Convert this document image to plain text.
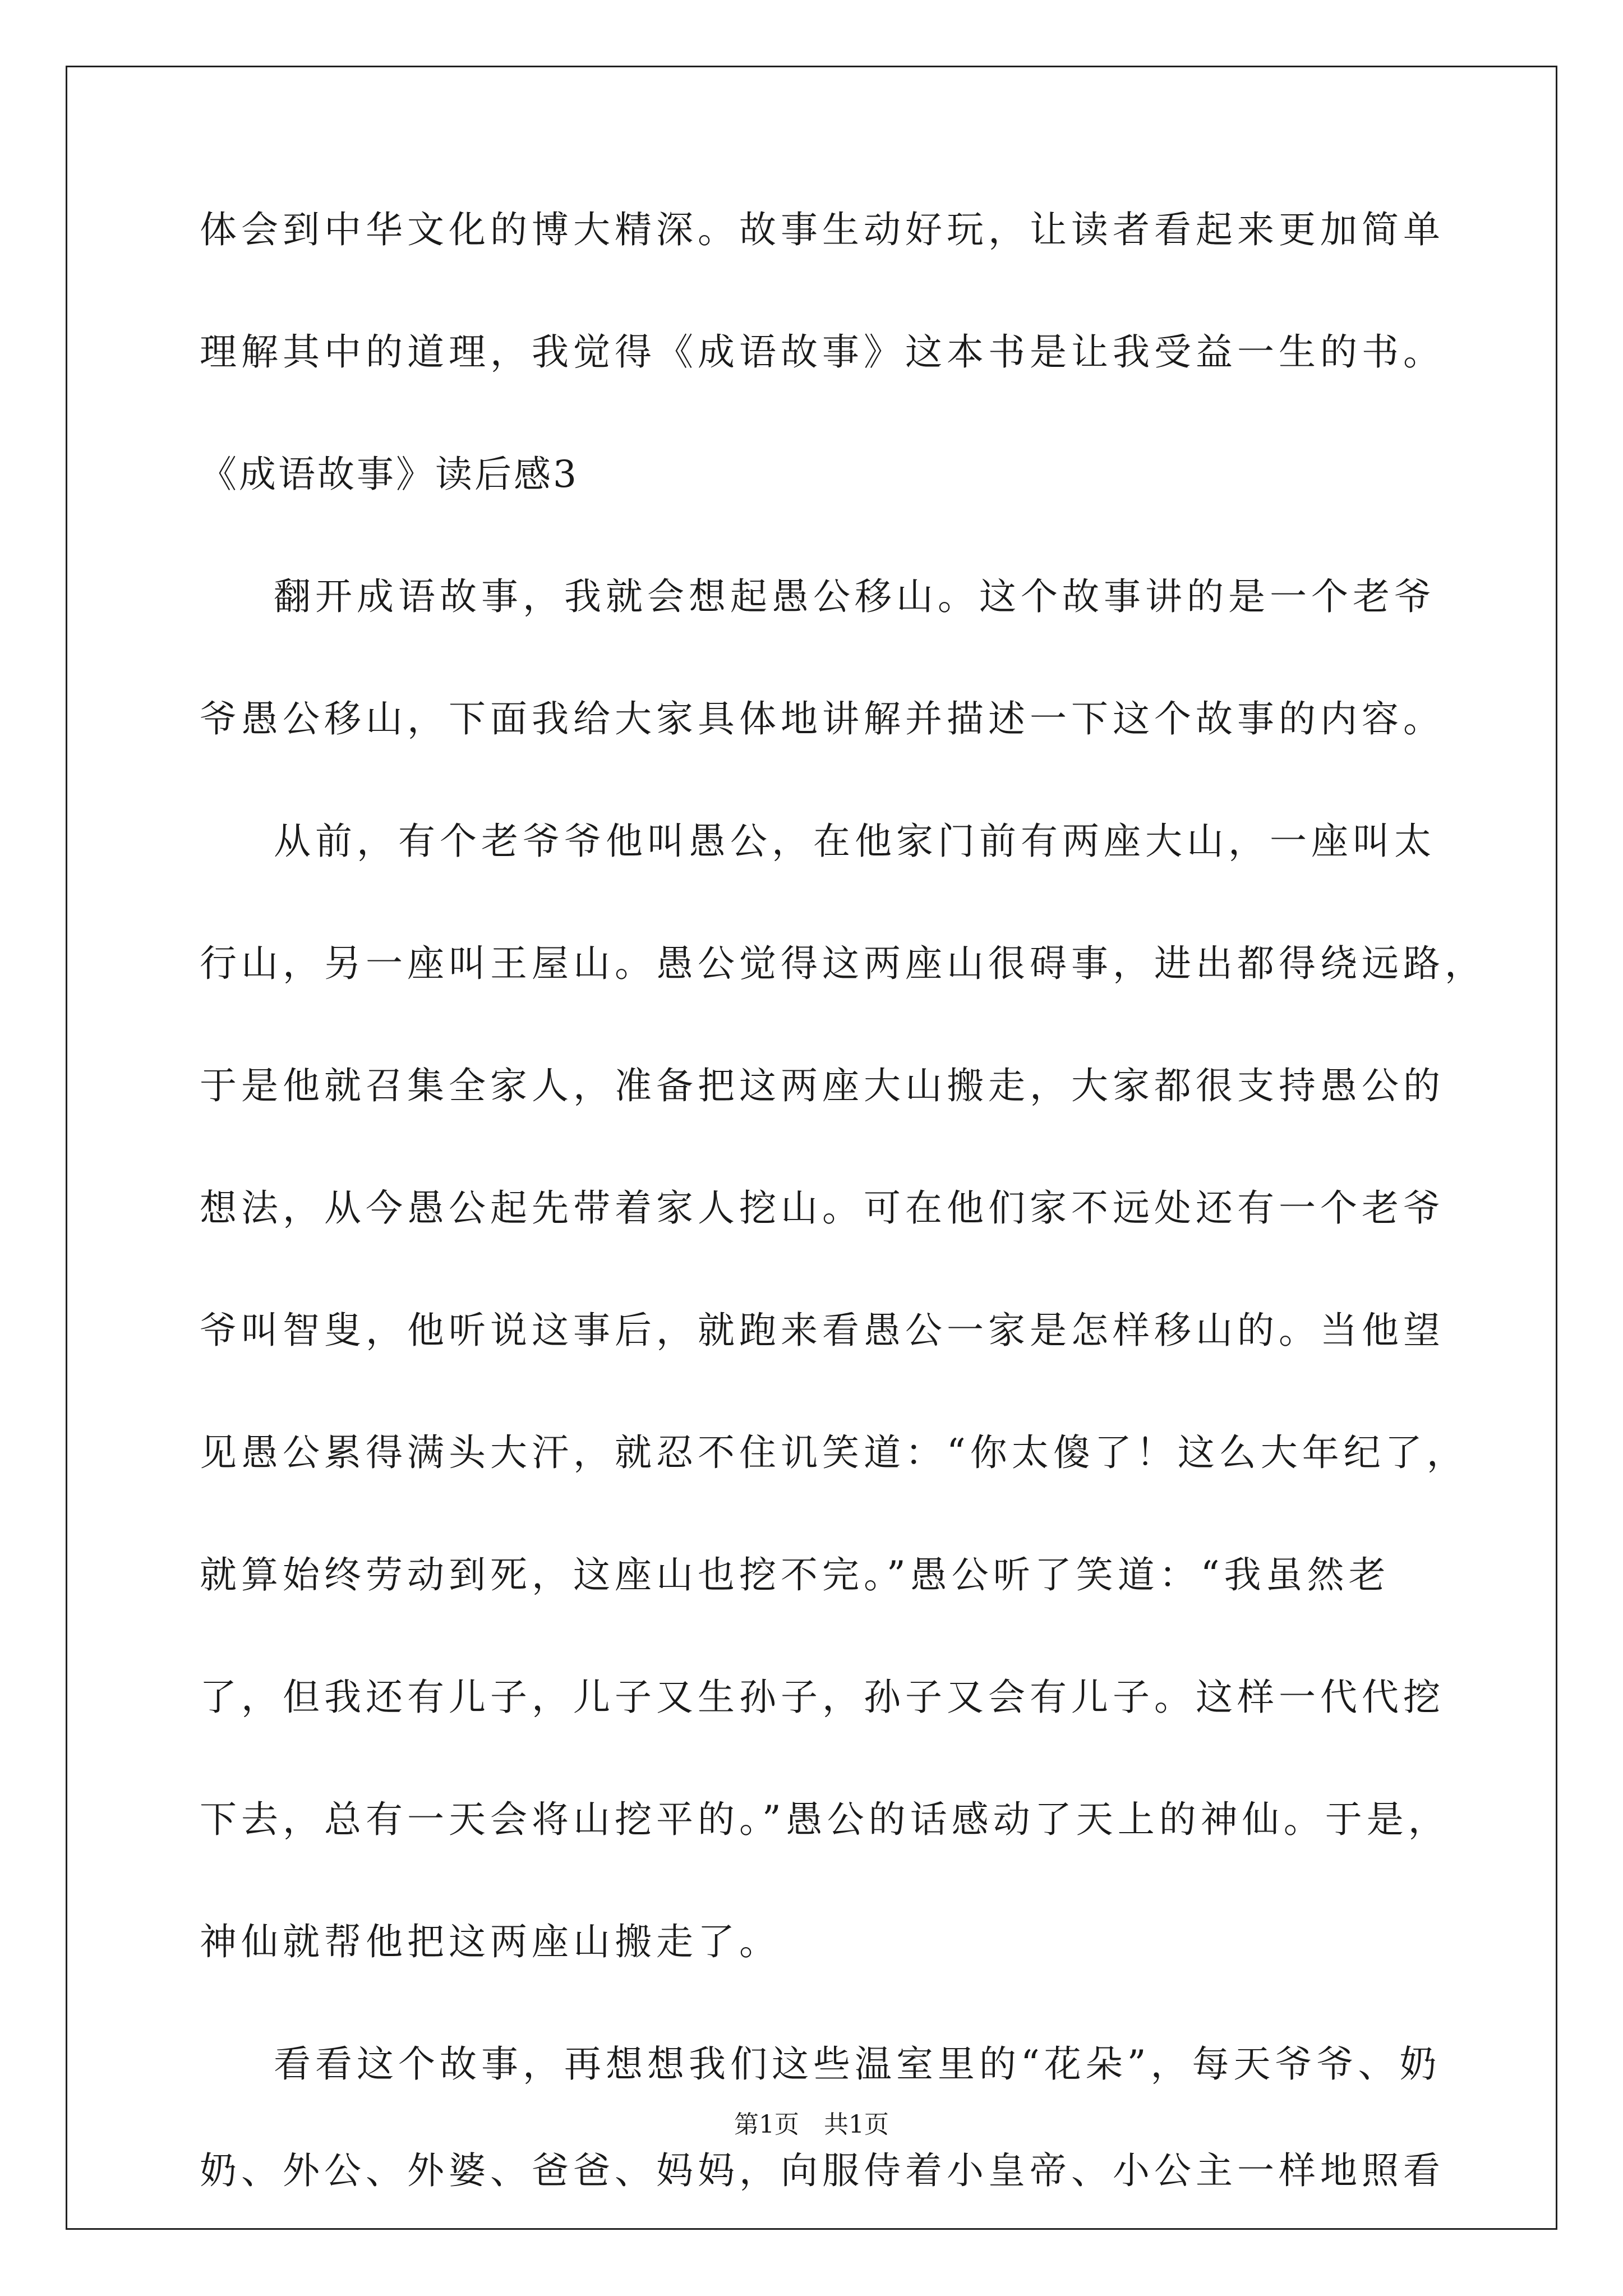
体会到中华文化的博大精深。故事生动好玩，让读者看起来更加简单
理解其中的道理，我觉得《成语故事》这本书是让我受益一生的书。
《成语故事》读后感3
翻开成语故事，我就会想起愚公移山。这个故事讲的是一个老爷
爷愚公移山，下面我给大家具体地讲解并描述一下这个故事的内容。
从前，有个老爷爷他叫愚公，在他家门前有两座大山，一座叫太
行山，另一座叫王屋山。愚公觉得这两座山很碍事，进出都得绕远路，
于是他就召集全家人，准备把这两座大山搬走，大家都很支持愚公的
想法，从今愚公起先带着家人挖山。可在他们家不远处还有一个老爷
爷叫智叟，他听说这事后，就跑来看愚公一家是怎样移山的。当他望
见愚公累得满头大汗，就忍不住讥笑道：“你太傻了！这么大年纪了，
就算始终劳动到死，这座山也挖不完。”愚公听了笑道：“我虽然老
了，但我还有儿子，儿子又生孙子，孙子又会有儿子。这样一代代挖
下去，总有一天会将山挖平的。”愚公的话感动了天上的神仙。于是，
神仙就帮他把这两座山搬走了。
看看这个故事，再想想我们这些温室里的“花朵”，每天爷爷、奶
奶、外公、外婆、爸爸、妈妈，向服侍着小皇帝、小公主一样地照看
第1页　共1页
